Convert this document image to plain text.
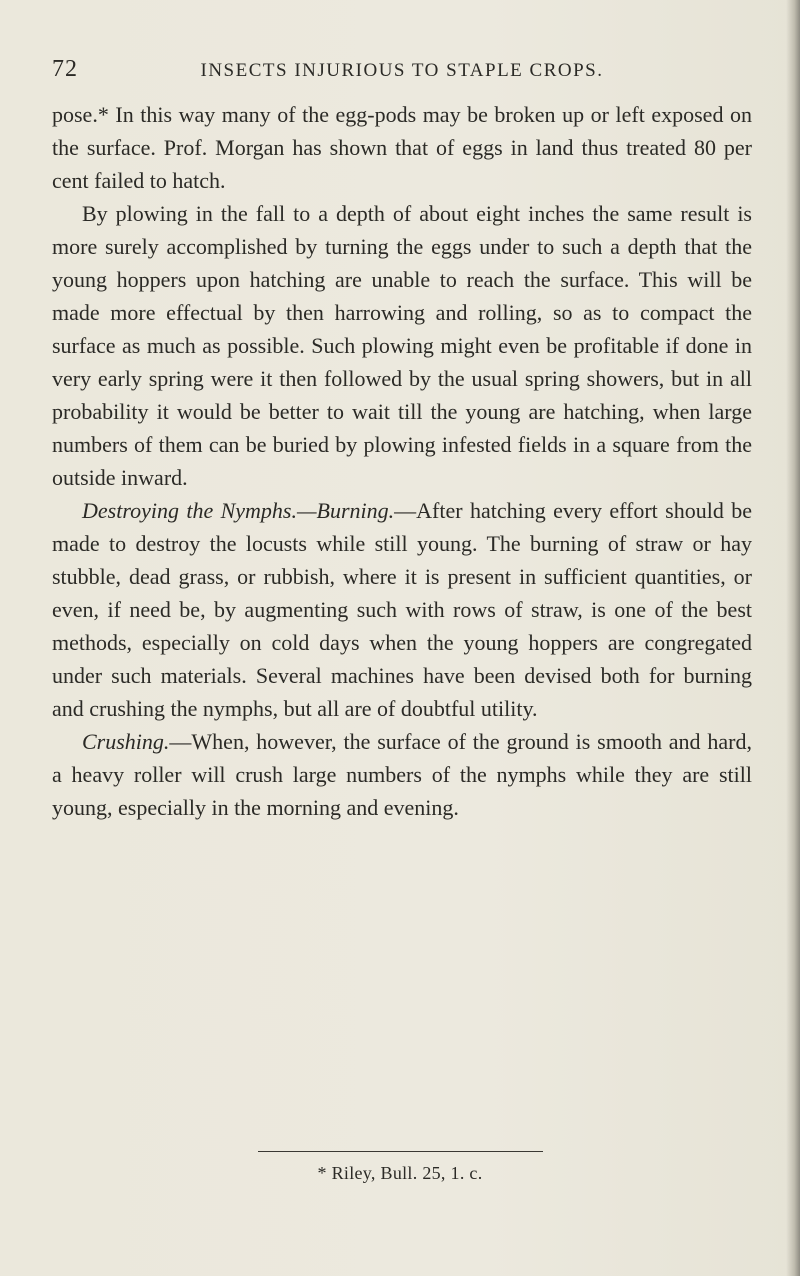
72	INSECTS INJURIOUS TO STAPLE CROPS.

pose.* In this way many of the egg-pods may be broken up or left exposed on the surface. Prof. Morgan has shown that of eggs in land thus treated 80 per cent failed to hatch.

By plowing in the fall to a depth of about eight inches the same result is more surely accomplished by turning the eggs under to such a depth that the young hoppers upon hatching are unable to reach the surface. This will be made more effectual by then harrowing and rolling, so as to compact the surface as much as possible. Such plowing might even be profitable if done in very early spring were it then followed by the usual spring showers, but in all probability it would be better to wait till the young are hatching, when large numbers of them can be buried by plowing infested fields in a square from the outside inward.

Destroying the Nymphs.—Burning.—After hatching every effort should be made to destroy the locusts while still young. The burning of straw or hay stubble, dead grass, or rubbish, where it is present in sufficient quantities, or even, if need be, by augmenting such with rows of straw, is one of the best methods, especially on cold days when the young hoppers are congregated under such materials. Several machines have been devised both for burning and crushing the nymphs, but all are of doubtful utility.

Crushing.—When, however, the surface of the ground is smooth and hard, a heavy roller will crush large numbers of the nymphs while they are still young, especially in the morning and evening.

* Riley, Bull. 25, 1. c.
